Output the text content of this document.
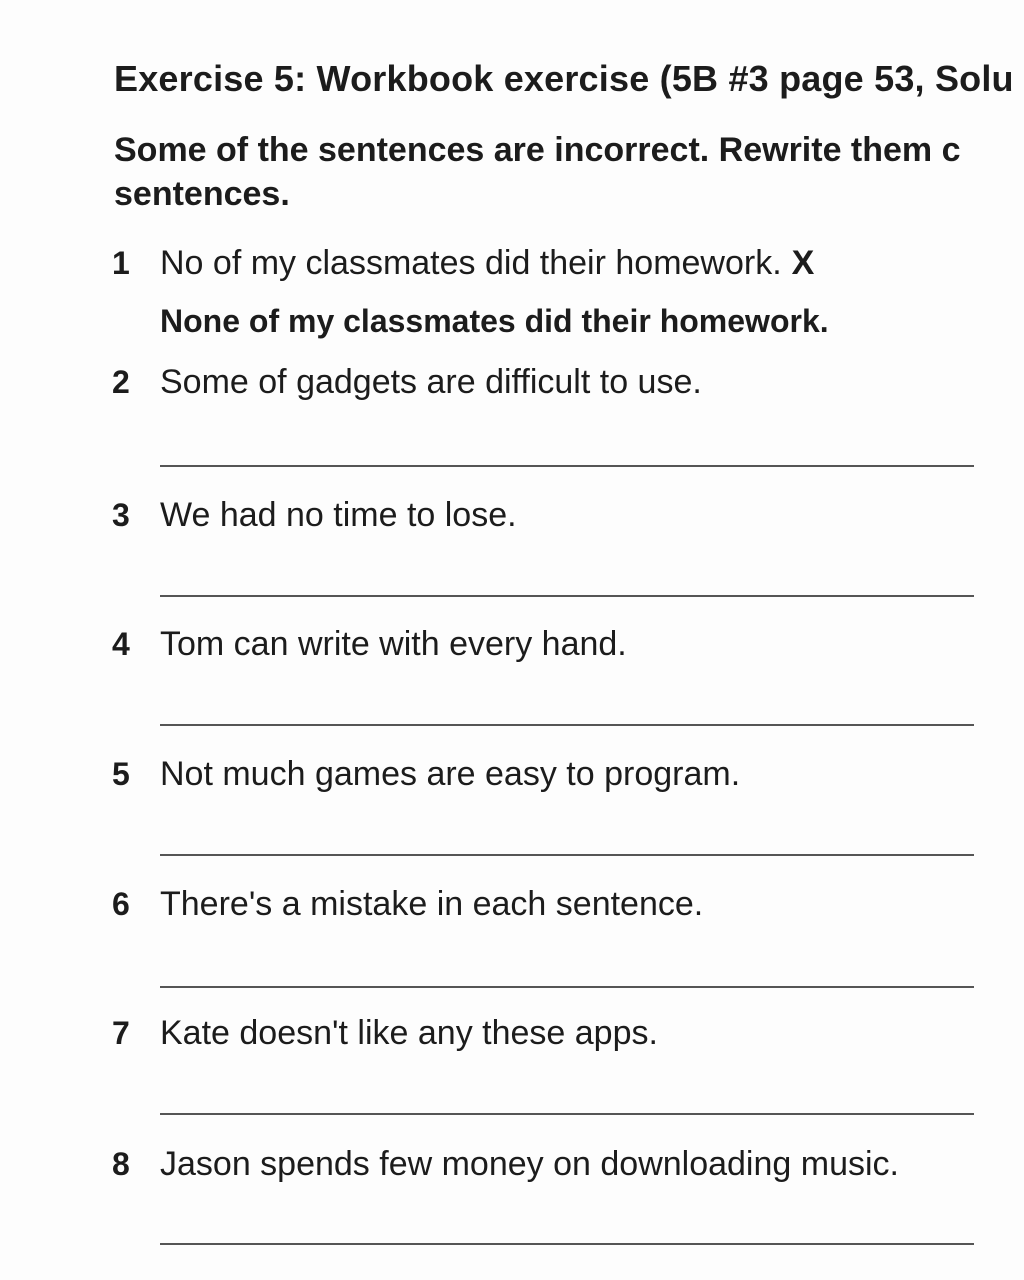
Exercise 5: Workbook exercise (5B #3 page 53, Solu
Some of the sentences are incorrect. Rewrite them c
sentences.
1 No of my classmates did their homework. X
None of my classmates did their homework.
2 Some of gadgets are difficult to use.
3 We had no time to lose.
4 Tom can write with every hand.
5 Not much games are easy to program.
6 There's a mistake in each sentence.
7 Kate doesn't like any these apps.
8 Jason spends few money on downloading music.
